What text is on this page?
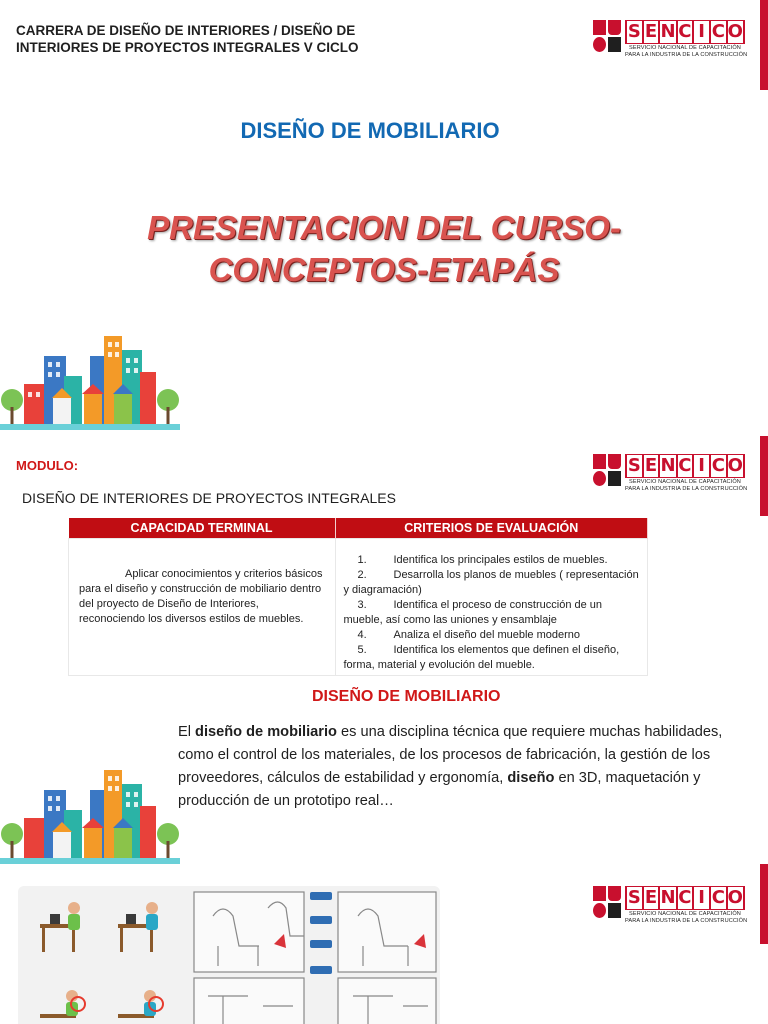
CARRERA DE DISEÑO DE INTERIORES / DISEÑO DE INTERIORES DE PROYECTOS INTEGRALES V CICLO
S E N C I C O
SERVICIO NACIONAL DE CAPACITACIÓN
PARA LA INDUSTRIA DE LA CONSTRUCCIÓN
DISEÑO DE MOBILIARIO
PRESENTACION DEL CURSO-
CONCEPTOS-ETAPÁS
MODULO:	S E N C I C O
SERVICIO NACIONAL DE CAPACITACIÓN
PARA LA INDUSTRIA DE LA CONSTRUCCIÓN
DISEÑO DE INTERIORES DE PROYECTOS INTEGRALES
CAPACIDAD TERMINAL	CRITERIOS DE EVALUACIÓN

Aplicar conocimientos y criterios básicos para el diseño y construcción de mobiliario dentro del proyecto de Diseño de Interiores, reconociendo los diversos estilos de muebles.	1. Identifica los principales estilos de muebles.
2. Desarrolla los planos de muebles ( representación y diagramación)
3. Identifica el proceso de construcción de un mueble, así como las uniones y ensamblaje
4. Analiza el diseño del mueble moderno
5. Identifica los elementos que definen el diseño, forma, material y evolución del mueble.
DISEÑO DE MOBILIARIO
El diseño de mobiliario es una disciplina técnica que requiere muchas habilidades, como el control de los materiales, de los procesos de fabricación, la gestión de los proveedores, cálculos de estabilidad y ergonomía, diseño en 3D, maquetación y producción de un prototipo real…
S E N C I C O
SERVICIO NACIONAL DE CAPACITACIÓN
PARA LA INDUSTRIA DE LA CONSTRUCCIÓN
